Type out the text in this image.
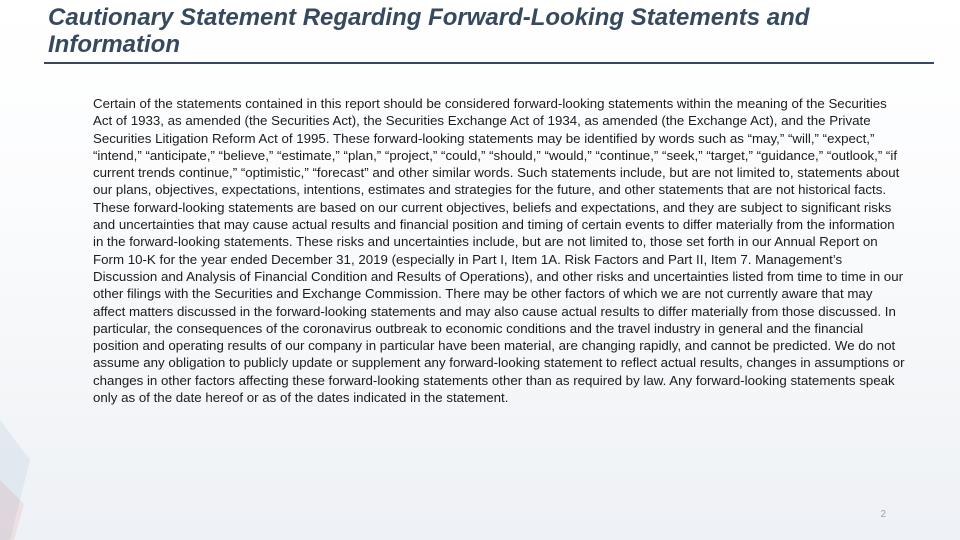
Cautionary Statement Regarding Forward-Looking Statements and Information

Certain of the statements contained in this report should be considered forward-looking statements within the meaning of the Securities Act of 1933, as amended (the Securities Act), the Securities Exchange Act of 1934, as amended (the Exchange Act), and the Private Securities Litigation Reform Act of 1995. These forward-looking statements may be identified by words such as “may,” “will,” “expect,” “intend,” “anticipate,” “believe,” “estimate,” “plan,” “project,” “could,” “should,” “would,” “continue,” “seek,” “target,” “guidance,” “outlook,” “if current trends continue,” “optimistic,” “forecast” and other similar words. Such statements include, but are not limited to, statements about our plans, objectives, expectations, intentions, estimates and strategies for the future, and other statements that are not historical facts. These forward-looking statements are based on our current objectives, beliefs and expectations, and they are subject to significant risks and uncertainties that may cause actual results and financial position and timing of certain events to differ materially from the information in the forward-looking statements. These risks and uncertainties include, but are not limited to, those set forth in our Annual Report on Form 10-K for the year ended December 31, 2019 (especially in Part I, Item 1A. Risk Factors and Part II, Item 7. Management’s Discussion and Analysis of Financial Condition and Results of Operations), and other risks and uncertainties listed from time to time in our other filings with the Securities and Exchange Commission. There may be other factors of which we are not currently aware that may affect matters discussed in the forward-looking statements and may also cause actual results to differ materially from those discussed. In particular, the consequences of the coronavirus outbreak to economic conditions and the travel industry in general and the financial position and operating results of our company in particular have been material, are changing rapidly, and cannot be predicted. We do not assume any obligation to publicly update or supplement any forward-looking statement to reflect actual results, changes in assumptions or changes in other factors affecting these forward-looking statements other than as required by law. Any forward-looking statements speak only as of the date hereof or as of the dates indicated in the statement.

2
